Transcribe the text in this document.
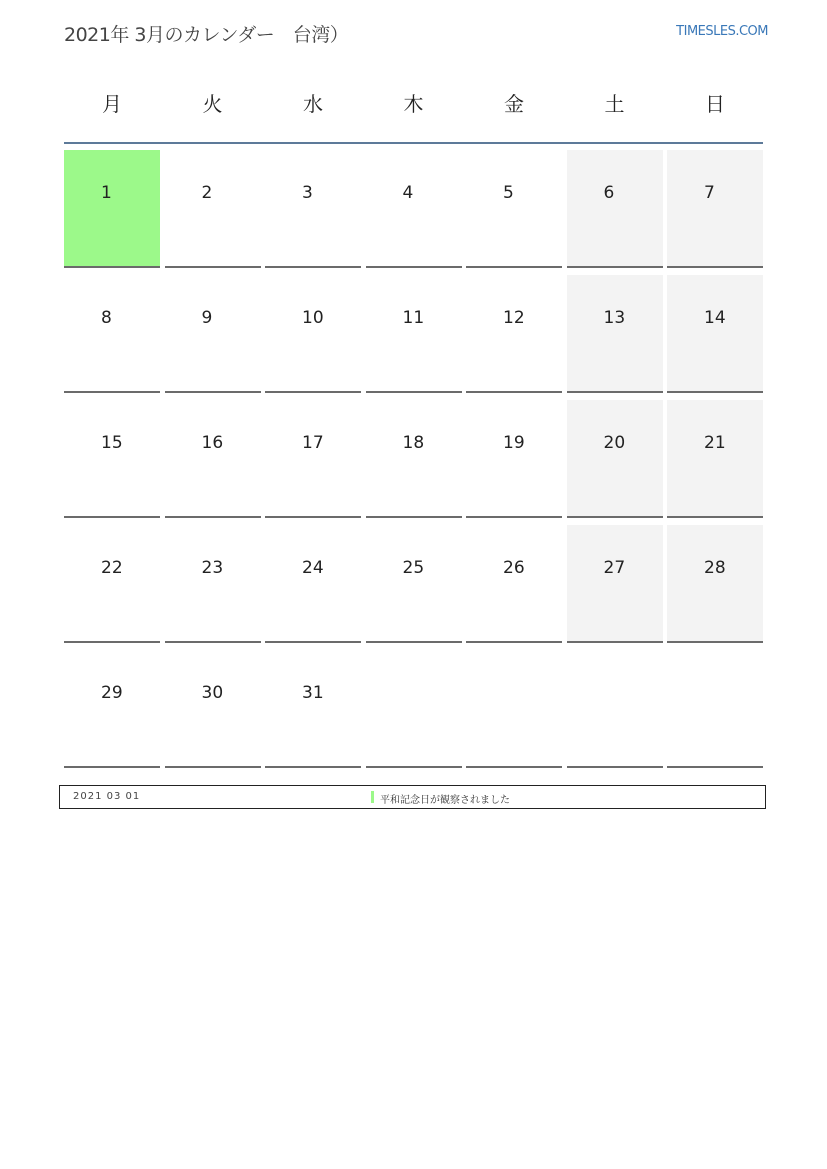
2021年 3月のカレンダー　台湾）	TIMESLES.COM
月	火	水	木	金	土	日
1	2	3	4	5	6	7
8	9	10	11	12	13	14
15	16	17	18	19	20	21
22	23	24	25	26	27	28
29	30	31
2021 03 01	平和記念日が観察されました
